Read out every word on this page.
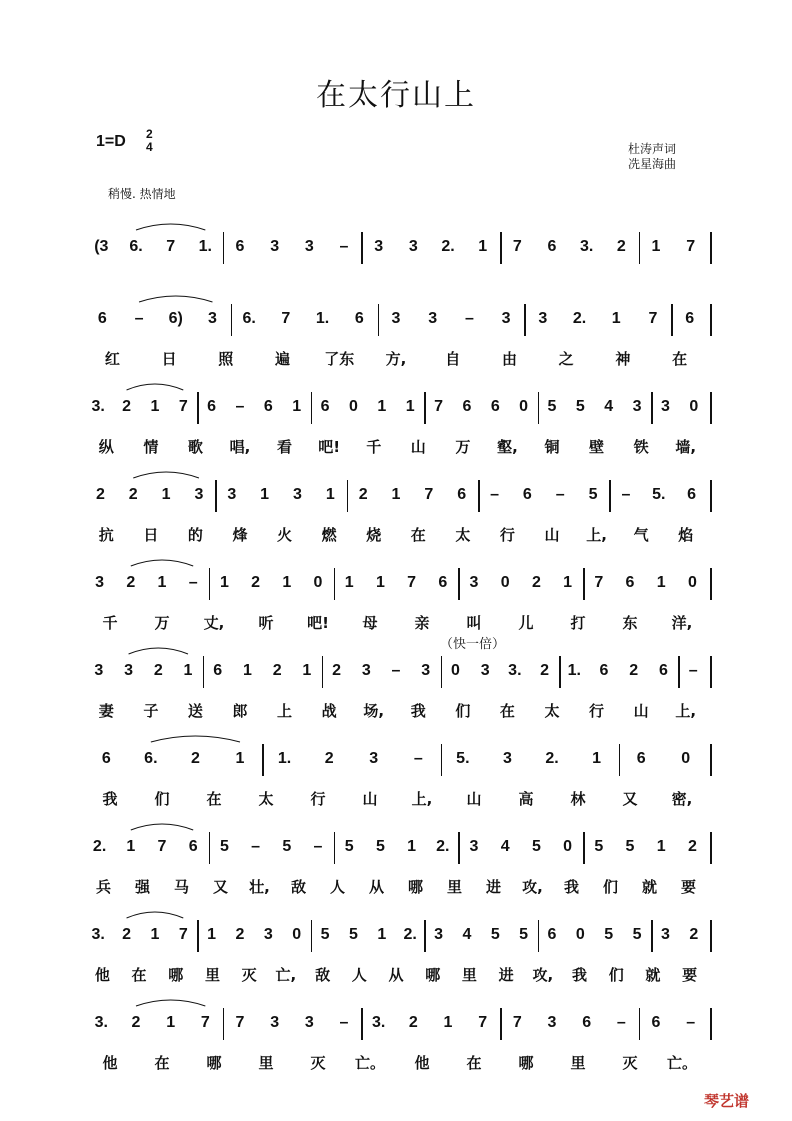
在太行山上
1=D 2
4	杜涛声词
冼星海曲
稍慢. 热情地
（快一倍）
琴艺谱
(3 6. 7 1. 6 3 3 – 3 3 2. 1 7 6 3. 2 1 7
6 – 6) 3 6. 7 1. 6 3 3 – 3 3 2. 1 7 6
红	日	照	遍 了东 方,	自	由	之	神	在
3. 2 1 7 6 – 6 1 6 0 1 1 7 6 6 0 5 5 4 3 3 0
纵 情 歌 唱, 看 吧! 千 山 万 壑, 铜 壁 铁 墙,
2 2 1 3 3 1 3 1 2 1 7 6 – 6 – 5 – 5. 6
抗 日 的 烽 火 燃 烧 在 太 行 山 上, 气 焰
3 2 1 – 1 2 1 0 1 1 7 6 3 0 2 1 7 6 1 0
千 万 丈, 听 吧! 母 亲 叫 儿 打 东 洋,
3 3 2 1 6 1 2 1 2 3 – 3 0 3 3. 2 1. 6 2 6 –
妻 子 送 郎 上 战 场, 我 们 在 太 行 山 上,
6 6. 2 1 1. 2 3 – 5. 3 2. 1 6 0
我 们 在 太 行 山 上, 山 高 林 又 密,
2. 1 7 6 5 – 5 – 5 5 1 2. 3 4 5 0 5 5 1 2
兵 强 马 又 壮, 敌 人 从 哪 里 进 攻, 我 们 就 要
3. 2 1 7 1 2 3 0 5 5 1 2. 3 4 5 5 6 0 5 5 3 2
他 在 哪 里 灭 亡, 敌 人 从 哪 里 进 攻, 我 们 就 要
3. 2 1 7 7 3 3 – 3. 2 1 7 7 3 6 – 6 –
他 在 哪 里 灭 亡。 他 在 哪 里 灭 亡。
